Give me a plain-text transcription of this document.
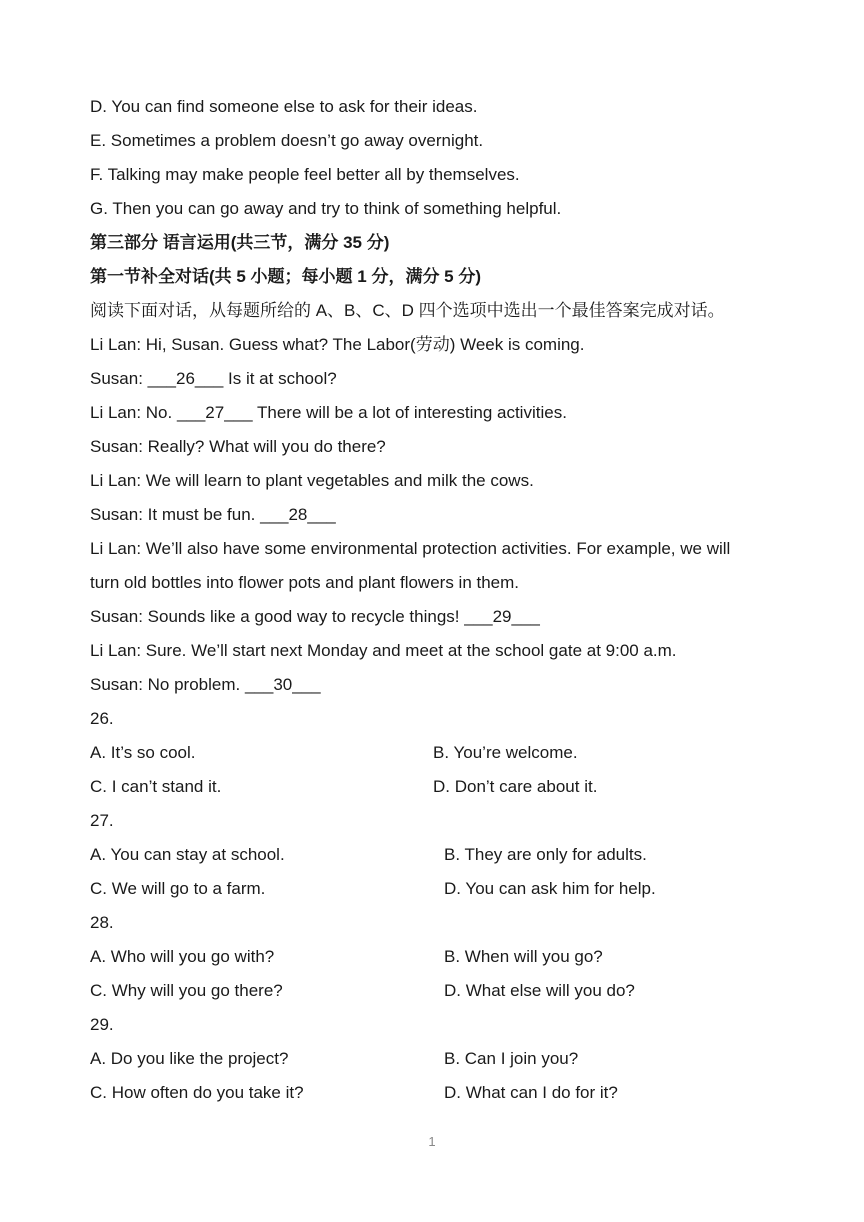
D. You can find someone else to ask for their ideas.
E. Sometimes a problem doesn’t go away overnight.
F. Talking may make people feel better all by themselves.
G. Then you can go away and try to think of something helpful.
第三部分 语言运用(共三节，满分 35 分)
第一节补全对话(共 5 小题；每小题 1 分，满分 5 分)
阅读下面对话，从每题所给的 A、B、C、D 四个选项中选出一个最佳答案完成对话。
Li Lan: Hi, Susan. Guess what? The Labor(劳动) Week is coming.
Susan: ___26___ Is it at school?
Li Lan: No. ___27___ There will be a lot of interesting activities.
Susan: Really? What will you do there?
Li Lan: We will learn to plant vegetables and milk the cows.
Susan: It must be fun. ___28___
Li Lan: We’ll also have some environmental protection activities. For example, we will
turn old bottles into flower pots and plant flowers in them.
Susan: Sounds like a good way to recycle things! ___29___
Li Lan: Sure. We’ll start next Monday and meet at the school gate at 9:00 a.m.
Susan: No problem. ___30___
26.
A. It’s so cool.	B. You’re welcome.
C. I can’t stand it.	D. Don’t care about it.
27.
A. You can stay at school.	B. They are only for adults.
C. We will go to a farm.	D. You can ask him for help.
28.
A. Who will you go with?	B. When will you go?
C. Why will you go there?	D. What else will you do?
29.
A. Do you like the project?	B. Can I join you?
C. How often do you take it?	D. What can I do for it?
1
